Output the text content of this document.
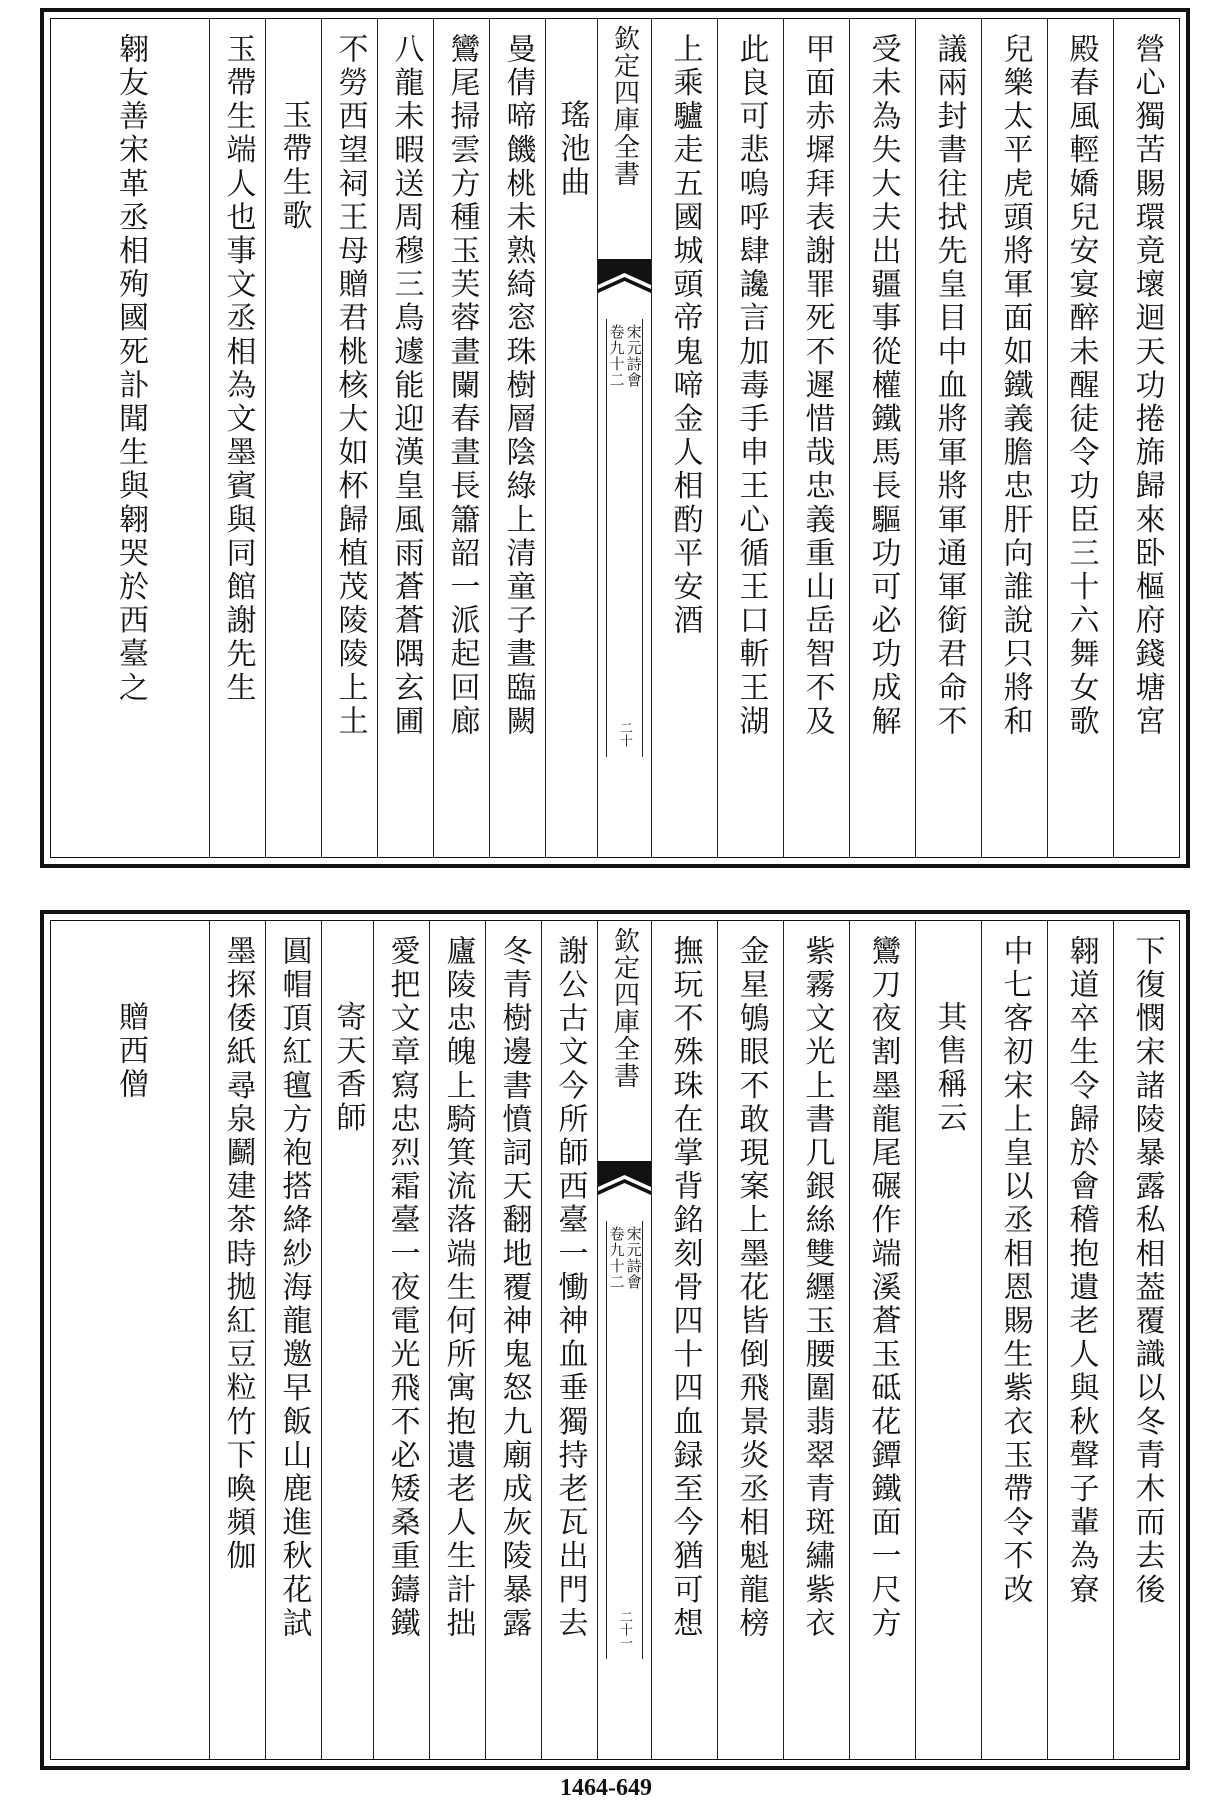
營心獨苦賜環竟壞迴天功捲旆歸來卧樞府錢塘宮
殿春風輕嬌兒安宴醉未醒徒令功臣三十六舞女歌
兒樂太平虎頭將軍面如鐵義膽忠肝向誰說只將和
議兩封書往拭先皇目中血將軍將軍通軍銜君命不
受未為失大夫出疆事從權鐵馬長驅功可必功成解
甲面赤墀拜表謝罪死不遲惜哉忠義重山岳智不及
此良可悲嗚呼肆讒言加毒手申王心循王口斬王湖
上乘驢走五國城頭帝鬼啼金人相酌平安酒
欽定四庫全書
宋元詩會
卷九十二
二十
瑤池曲
曼倩啼饑桃未熟綺窓珠樹層陰綠上清童子晝臨闕
鸞尾掃雲方種玉芙蓉畫闌春晝長簫韶一派起回廊
八龍未暇送周穆三鳥遽能迎漢皇風雨蒼蒼隅玄圃
不勞西望祠王母贈君桃核大如杯歸植茂陵陵上土
玉帶生歌
玉帶生端人也事文丞相為文墨賓與同館謝先生
翱友善宋革丞相殉國死訃聞生與翱哭於西臺之
下復憫宋諸陵暴露私相葢覆識以冬青木而去後
翱道卒生令歸於會稽抱遺老人與秋聲子輩為寮
中七客初宋上皇以丞相恩賜生紫衣玉帶令不改
其售稱云
鸞刀夜割墨龍尾碾作端溪蒼玉砥花鐔鐵面一尺方
紫霧文光上書几銀絲雙纒玉腰圍翡翠青斑繡紫衣
金星鴝眼不敢現案上墨花皆倒飛景炎丞相魁龍榜
撫玩不殊珠在掌背銘刻骨四十四血録至今猶可想
欽定四庫全書
宋元詩會
卷九十二
二十一
謝公古文今所師西臺一慟神血垂獨持老瓦出門去
冬青樹邊書憤詞天翻地覆神鬼怒九廟成灰陵暴露
廬陵忠魄上騎箕流落端生何所寓抱遺老人生計拙
愛把文章寫忠烈霜臺一夜電光飛不必矮桑重鑄鐵
寄天香師
圓帽頂紅氊方袍搭絳紗海龍邀早飯山鹿進秋花試
墨探倭紙尋泉鬬建茶時拋紅豆粒竹下喚頻伽
贈西僧
1464-649
